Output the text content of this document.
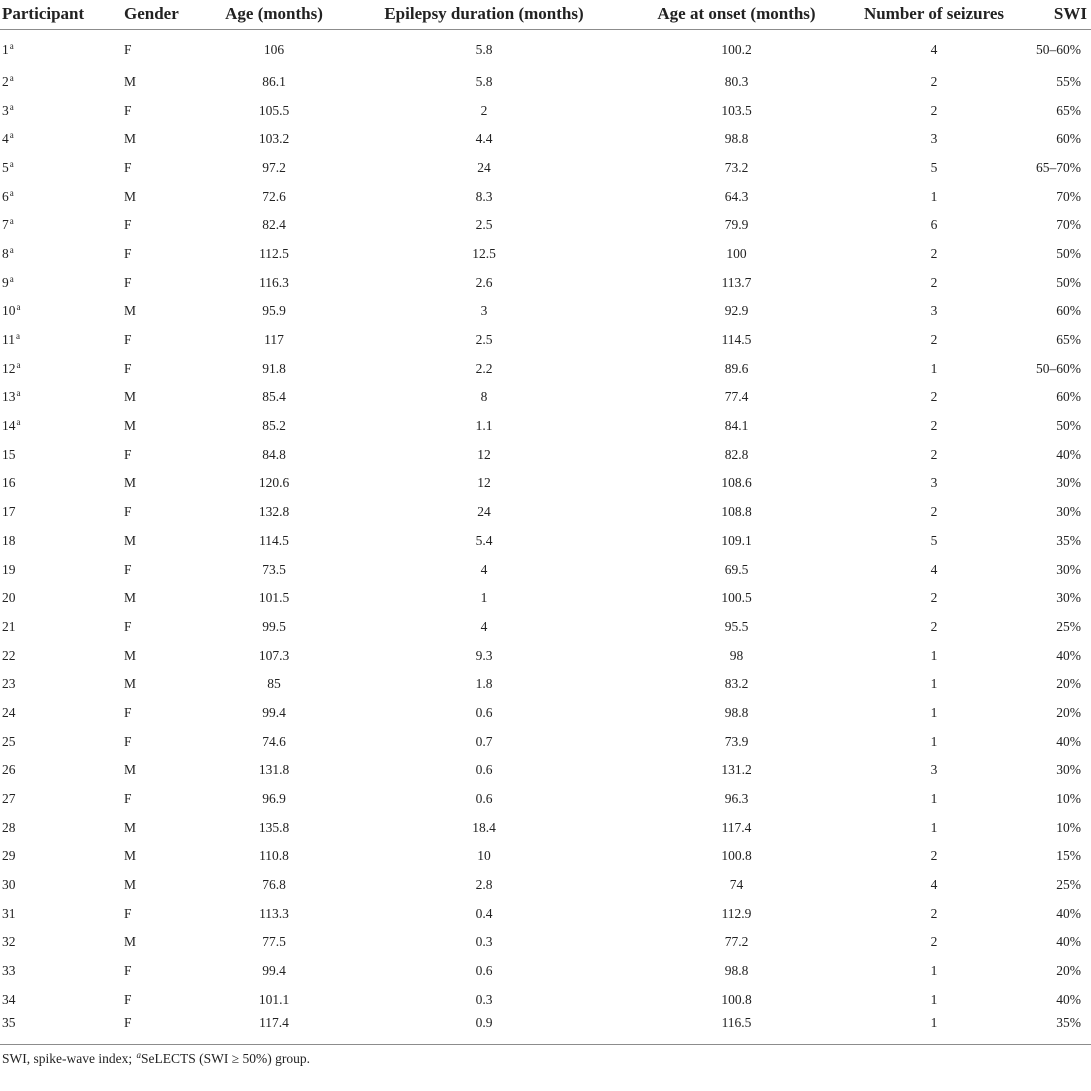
Participant	Gender	Age (months)	Epilepsy duration (months)	Age at onset (months)	Number of seizures	SWI
1$^a$	F	106	5.8	100.2	4	50–60%
2$^a$	M	86.1	5.8	80.3	2	55%
3$^a$	F	105.5	2	103.5	2	65%
4$^a$	M	103.2	4.4	98.8	3	60%
5$^a$	F	97.2	24	73.2	5	65–70%
6$^a$	M	72.6	8.3	64.3	1	70%
7$^a$	F	82.4	2.5	79.9	6	70%
8$^a$	F	112.5	12.5	100	2	50%
9$^a$	F	116.3	2.6	113.7	2	50%
10$^a$	M	95.9	3	92.9	3	60%
11$^a$	F	117	2.5	114.5	2	65%
12$^a$	F	91.8	2.2	89.6	1	50–60%
13$^a$	M	85.4	8	77.4	2	60%
14$^a$	M	85.2	1.1	84.1	2	50%
15	F	84.8	12	82.8	2	40%
16	M	120.6	12	108.6	3	30%
17	F	132.8	24	108.8	2	30%
18	M	114.5	5.4	109.1	5	35%
19	F	73.5	4	69.5	4	30%
20	M	101.5	1	100.5	2	30%
21	F	99.5	4	95.5	2	25%
22	M	107.3	9.3	98	1	40%
23	M	85	1.8	83.2	1	20%
24	F	99.4	0.6	98.8	1	20%
25	F	74.6	0.7	73.9	1	40%
26	M	131.8	0.6	131.2	3	30%
27	F	96.9	0.6	96.3	1	10%
28	M	135.8	18.4	117.4	1	10%
29	M	110.8	10	100.8	2	15%
30	M	76.8	2.8	74	4	25%
31	F	113.3	0.4	112.9	2	40%
32	M	77.5	0.3	77.2	2	40%
33	F	99.4	0.6	98.8	1	20%
34	F	101.1	0.3	100.8	1	40%
35	F	117.4	0.9	116.5	1	35%
SWI, spike-wave index; $^a$SeLECTS (SWI ≥ 50%) group.
